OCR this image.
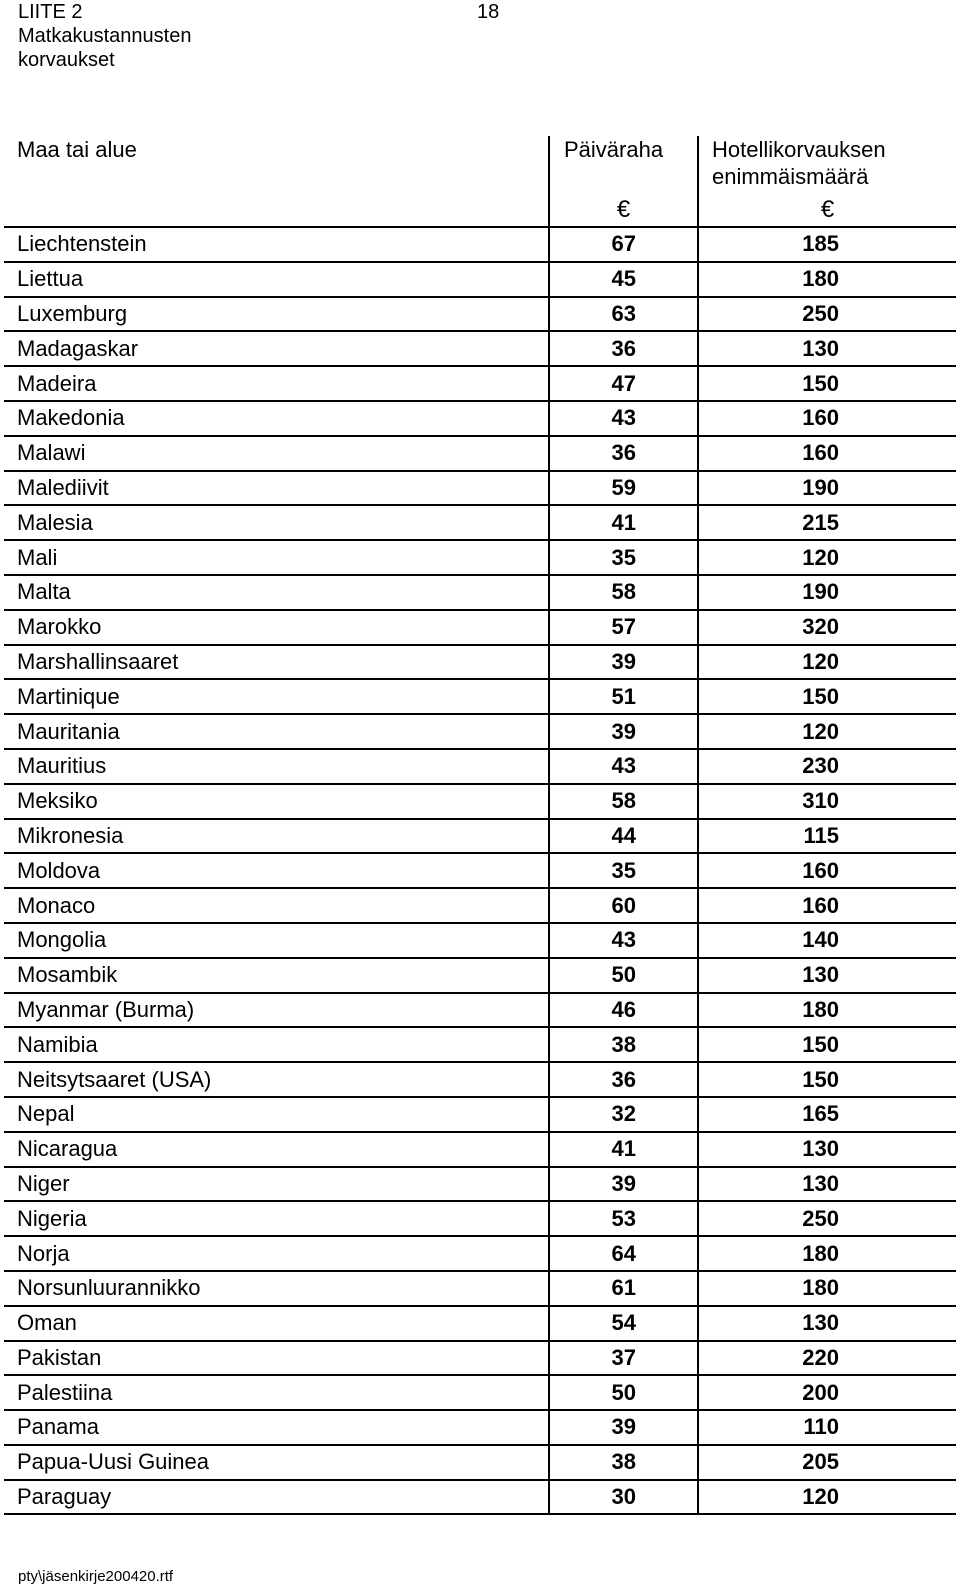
LIITE 2
Matkakustannusten
korvaukset
18
Maa tai alue	Päiväraha	Hotellikorvauksen
enimmäismäärä

	€	€
Liechtenstein	67	185
Liettua	45	180
Luxemburg	63	250
Madagaskar	36	130
Madeira	47	150
Makedonia	43	160
Malawi	36	160
Malediivit	59	190
Malesia	41	215
Mali	35	120
Malta	58	190
Marokko	57	320
Marshallinsaaret	39	120
Martinique	51	150
Mauritania	39	120
Mauritius	43	230
Meksiko	58	310
Mikronesia	44	115
Moldova	35	160
Monaco	60	160
Mongolia	43	140
Mosambik	50	130
Myanmar (Burma)	46	180
Namibia	38	150
Neitsytsaaret (USA)	36	150
Nepal	32	165
Nicaragua	41	130
Niger	39	130
Nigeria	53	250
Norja	64	180
Norsunluurannikko	61	180
Oman	54	130
Pakistan	37	220
Palestiina	50	200
Panama	39	110
Papua-Uusi Guinea	38	205
Paraguay	30	120
pty\jäsenkirje200420.rtf
